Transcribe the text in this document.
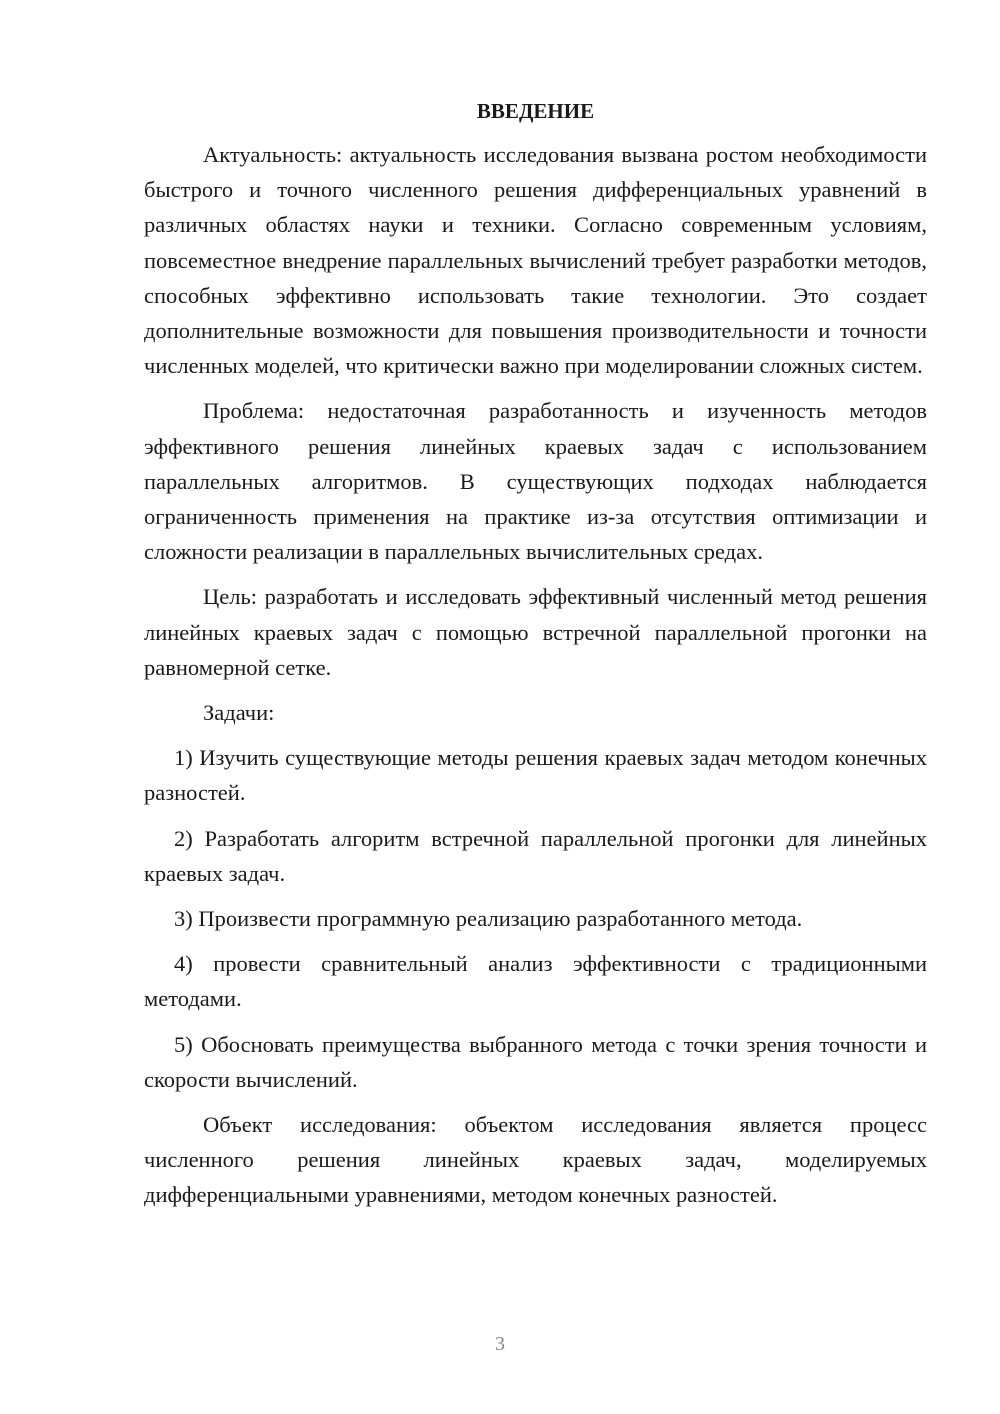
ВВЕДЕНИЕ

Актуальность: актуальность исследования вызвана ростом необходимости быстрого и точного численного решения дифференциальных уравнений в различных областях науки и техники. Согласно современным условиям, повсеместное внедрение параллельных вычислений требует разработки методов, способных эффективно использовать такие технологии. Это создает дополнительные возможности для повышения производительности и точности численных моделей, что критически важно при моделировании сложных систем.

Проблема: недостаточная разработанность и изученность методов эффективного решения линейных краевых задач с использованием параллельных алгоритмов. В существующих подходах наблюдается ограниченность применения на практике из-за отсутствия оптимизации и сложности реализации в параллельных вычислительных средах.

Цель: разработать и исследовать эффективный численный метод решения линейных краевых задач с помощью встречной параллельной прогонки на равномерной сетке.

Задачи:

1) Изучить существующие методы решения краевых задач методом конечных разностей.

2) Разработать алгоритм встречной параллельной прогонки для линейных краевых задач.

3) Произвести программную реализацию разработанного метода.

4) провести сравнительный анализ эффективности с традиционными методами.

5) Обосновать преимущества выбранного метода с точки зрения точности и скорости вычислений.

Объект исследования: объектом исследования является процесс численного решения линейных краевых задач, моделируемых дифференциальными уравнениями, методом конечных разностей.

3
